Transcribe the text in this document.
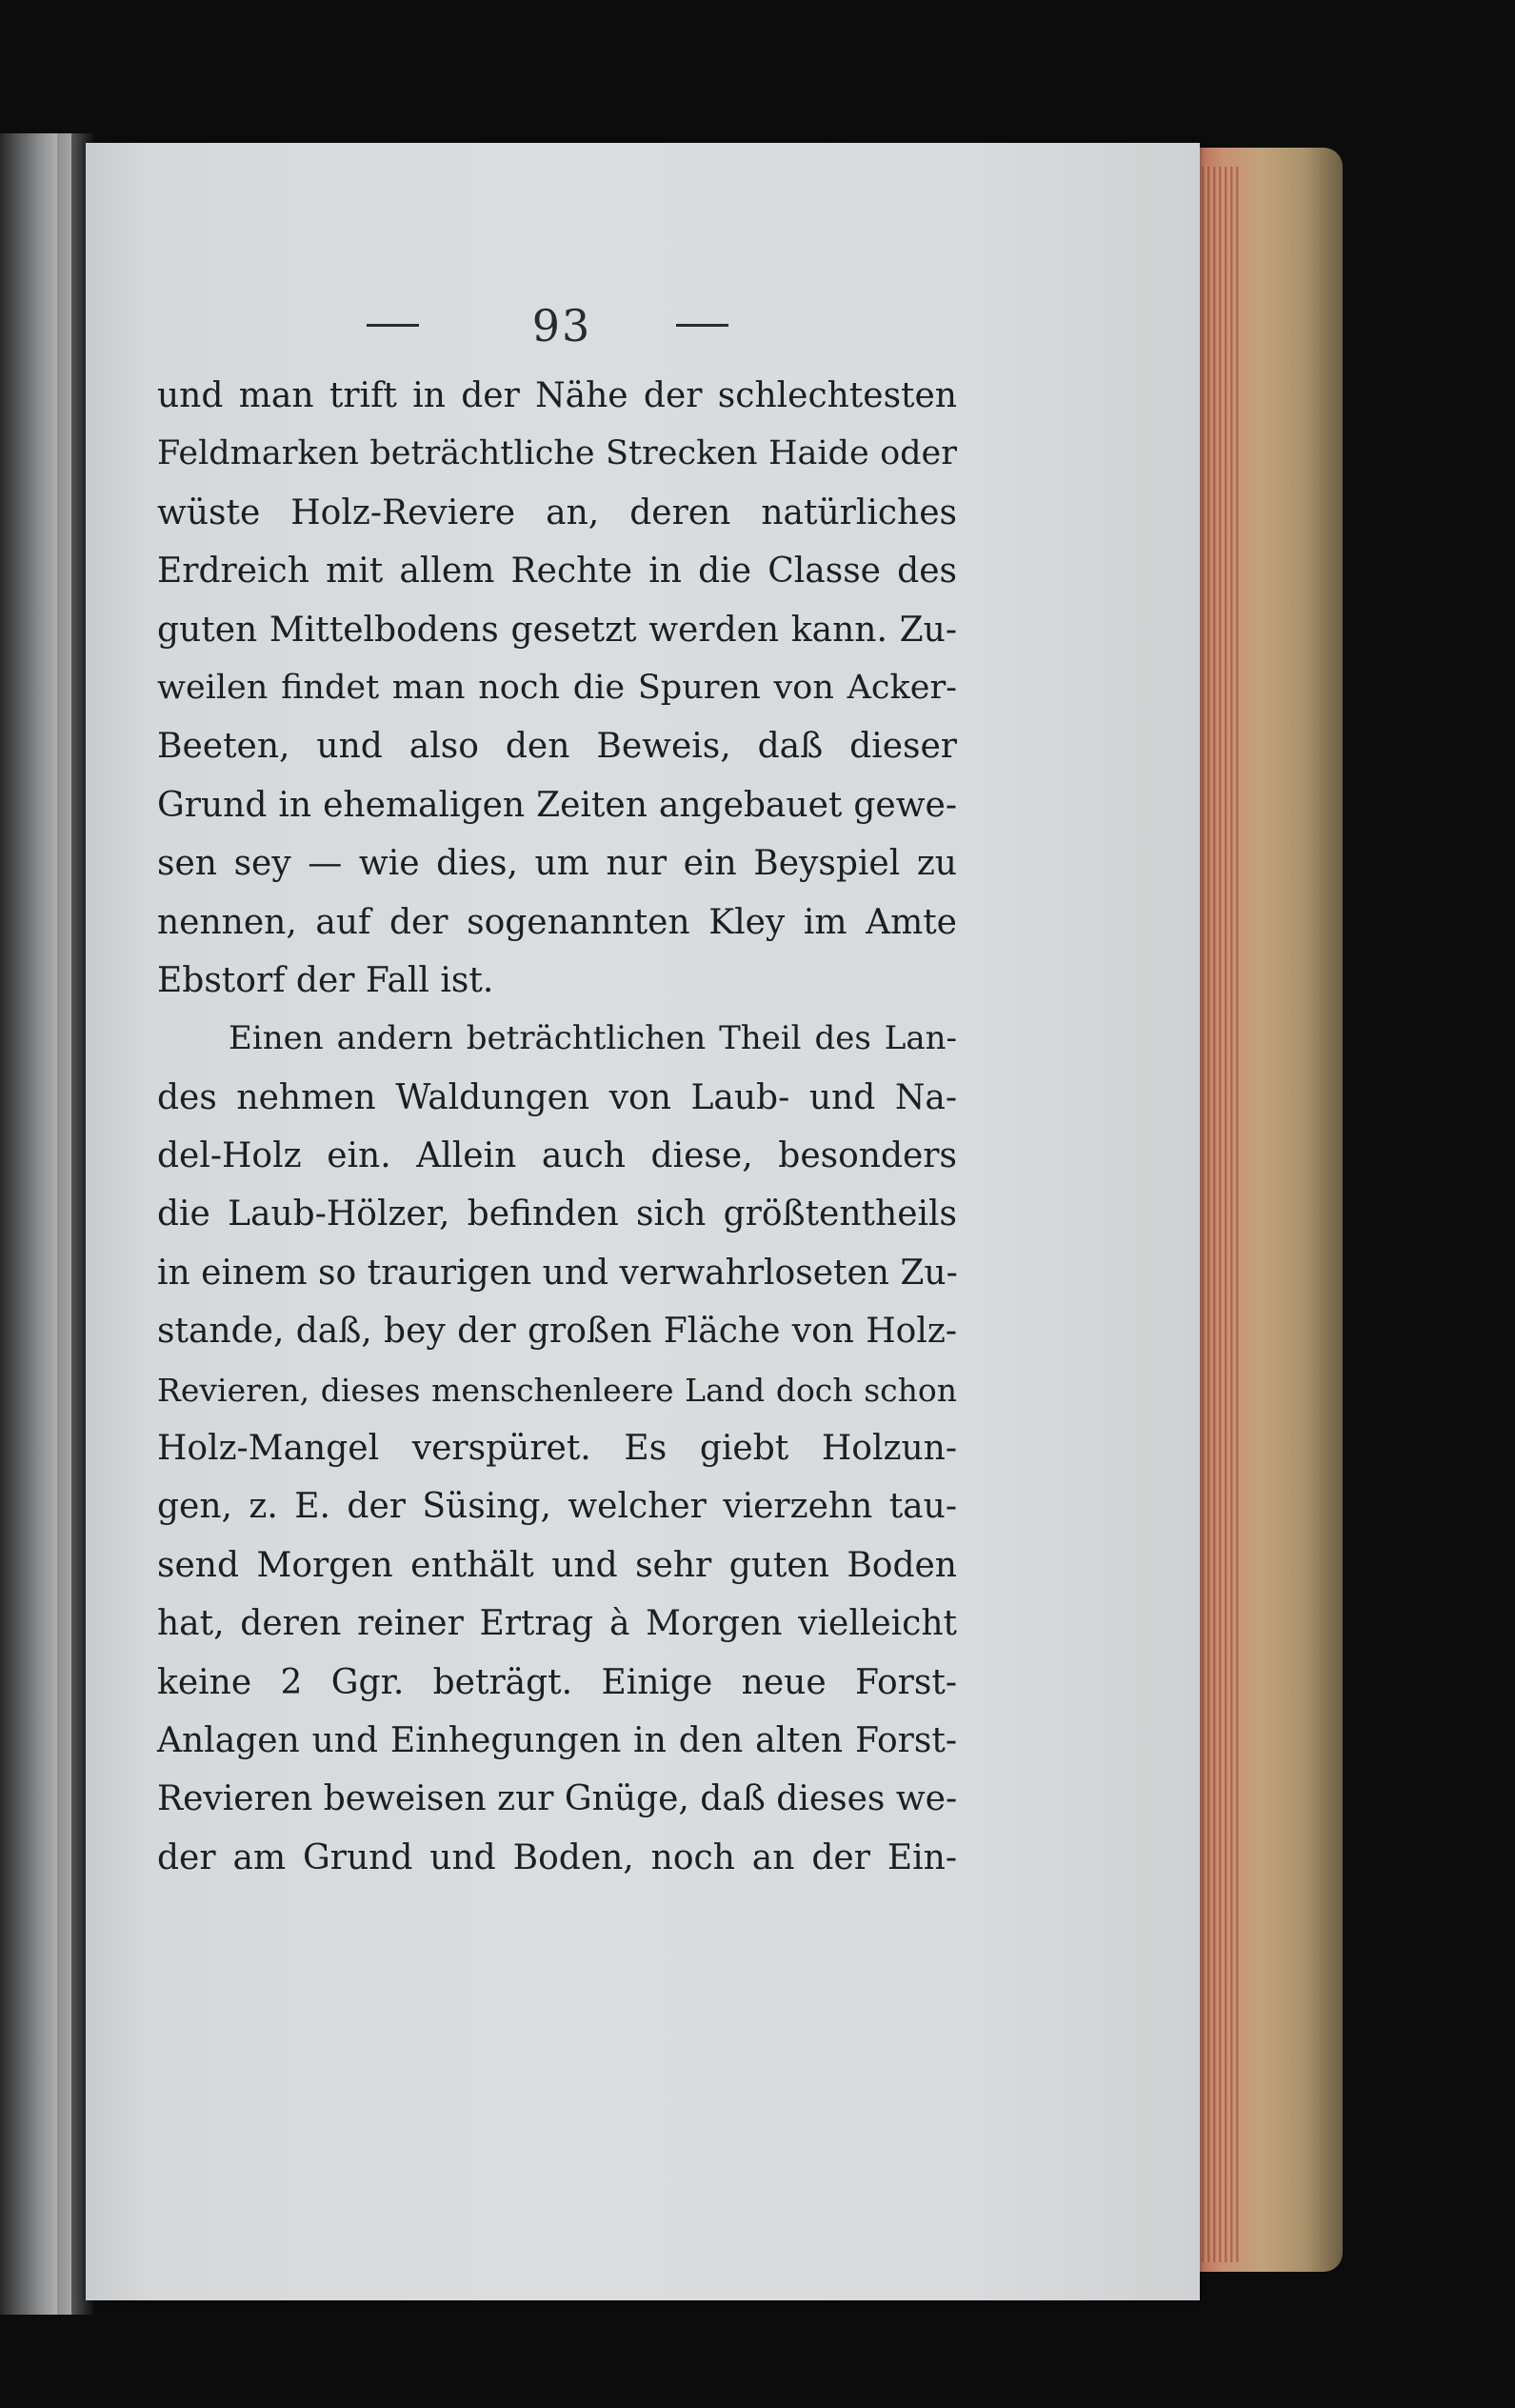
93
und man trift in der Nähe der schlechtesten
Feldmarken beträchtliche Strecken Haide oder
wüste Holz-Reviere an, deren natürliches
Erdreich mit allem Rechte in die Classe des
guten Mittelbodens gesetzt werden kann. Zu-
weilen findet man noch die Spuren von Acker-
Beeten, und also den Beweis, daß dieser
Grund in ehemaligen Zeiten angebauet gewe-
sen sey — wie dies, um nur ein Beyspiel zu
nennen, auf der sogenannten Kley im Amte
Ebstorf der Fall ist.
Einen andern beträchtlichen Theil des Lan-
des nehmen Waldungen von Laub- und Na-
del-Holz ein. Allein auch diese, besonders
die Laub-Hölzer, befinden sich größtentheils
in einem so traurigen und verwahrloseten Zu-
stande, daß, bey der großen Fläche von Holz-
Revieren, dieses menschenleere Land doch schon
Holz-Mangel verspüret. Es giebt Holzun-
gen, z. E. der Süsing, welcher vierzehn tau-
send Morgen enthält und sehr guten Boden
hat, deren reiner Ertrag à Morgen vielleicht
keine 2 Ggr. beträgt. Einige neue Forst-
Anlagen und Einhegungen in den alten Forst-
Revieren beweisen zur Gnüge, daß dieses we-
der am Grund und Boden, noch an der Ein-
